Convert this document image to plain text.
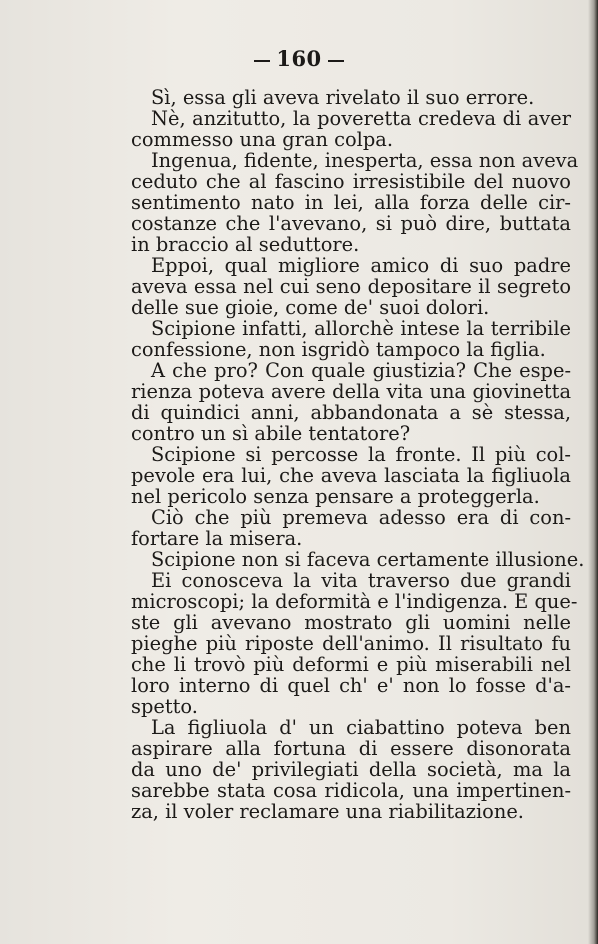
160
Sì, essa gli aveva rivelato il suo errore.
Nè, anzitutto, la poveretta credeva di aver
commesso una gran colpa.
Ingenua, fidente, inesperta, essa non aveva
ceduto che al fascino irresistibile del nuovo
sentimento nato in lei, alla forza delle cir-
costanze che l'avevano, si può dire, buttata
in braccio al seduttore.
Eppoi, qual migliore amico di suo padre
aveva essa nel cui seno depositare il segreto
delle sue gioie, come de' suoi dolori.
Scipione infatti, allorchè intese la terribile
confessione, non isgridò tampoco la figlia.
A che pro? Con quale giustizia? Che espe-
rienza poteva avere della vita una giovinetta
di quindici anni, abbandonata a sè stessa,
contro un sì abile tentatore?
Scipione si percosse la fronte. Il più col-
pevole era lui, che aveva lasciata la figliuola
nel pericolo senza pensare a proteggerla.
Ciò che più premeva adesso era di con-
fortare la misera.
Scipione non si faceva certamente illusione.
Ei conosceva la vita traverso due grandi
microscopi; la deformità e l'indigenza. E que-
ste gli avevano mostrato gli uomini nelle
pieghe più riposte dell'animo. Il risultato fu
che li trovò più deformi e più miserabili nel
loro interno di quel ch' e' non lo fosse d'a-
spetto.
La figliuola d' un ciabattino poteva ben
aspirare alla fortuna di essere disonorata
da uno de' privilegiati della società, ma la
sarebbe stata cosa ridicola, una impertinen-
za, il voler reclamare una riabilitazione.
